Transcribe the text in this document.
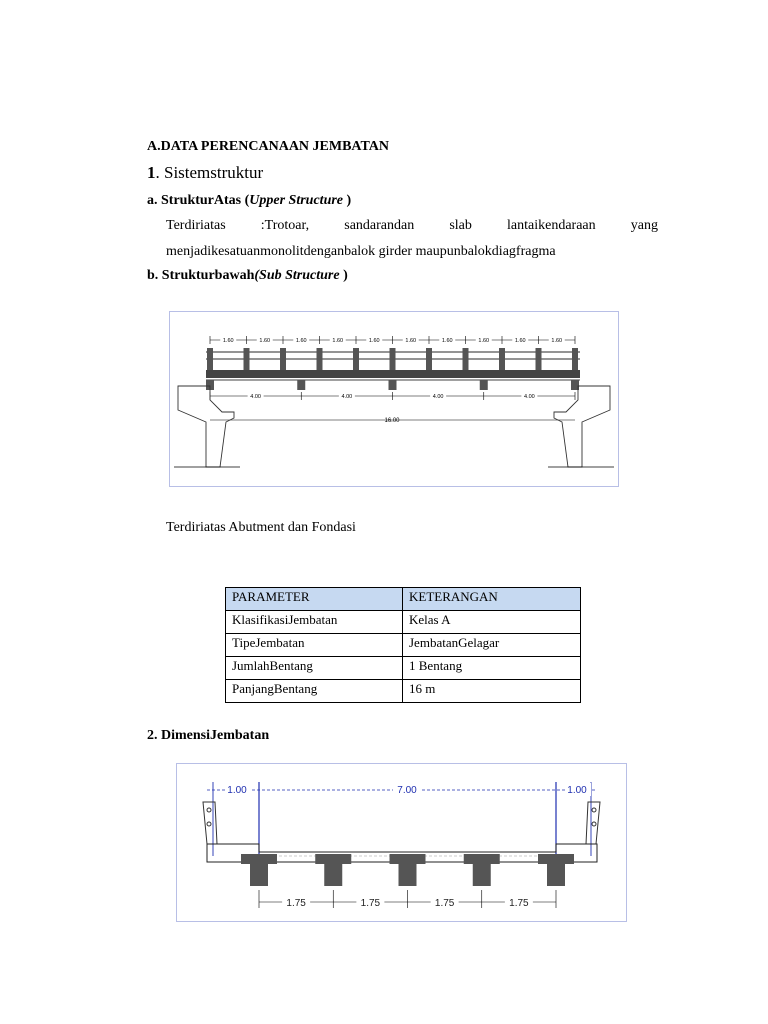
A.DATA PERENCANAAN JEMBATAN
1. Sistemstruktur
a. StrukturAtas (Upper Structure )
Terdiriatas	:Trotoar,	sandarandan	slab	lantaikendaraan	yang
menjadikesatuanmonolitdenganbalok girder maupunbalokdiagfragma
b. Strukturbawah(Sub Structure )
1.60	1.60	1.60	1.60	1.60	1.60	1.60	1.60	1.60	1.60
4.00	4.00	4.00	4.00
16.00
Terdiriatas Abutment dan Fondasi
PARAMETER	KETERANGAN
KlasifikasiJembatan	Kelas A
TipeJembatan	JembatanGelagar
JumlahBentang	1 Bentang
PanjangBentang	16 m
2. DimensiJembatan
1.00	7.00	1.00
1.75	1.75	1.75	1.75
